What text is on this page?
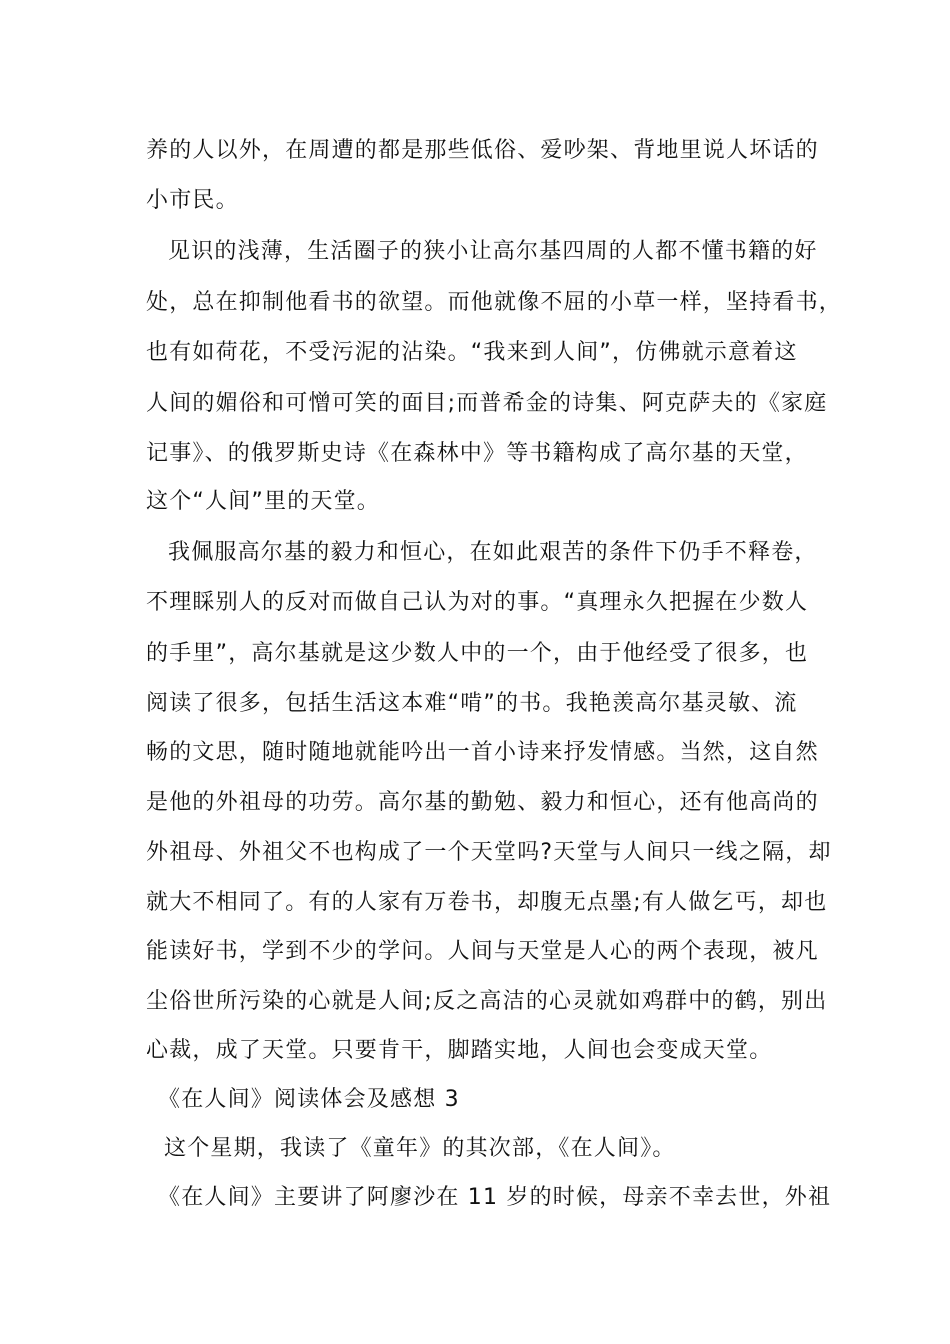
养的人以外，在周遭的都是那些低俗、爱吵架、背地里说人坏话的
小市民。
见识的浅薄，生活圈子的狭小让高尔基四周的人都不懂书籍的好
处，总在抑制他看书的欲望。而他就像不屈的小草一样，坚持看书，
也有如荷花，不受污泥的沾染。“我来到人间”，仿佛就示意着这
人间的媚俗和可憎可笑的面目;而普希金的诗集、阿克萨夫的《家庭
记事》、的俄罗斯史诗《在森林中》等书籍构成了高尔基的天堂，
这个“人间”里的天堂。
我佩服高尔基的毅力和恒心，在如此艰苦的条件下仍手不释卷，
不理睬别人的反对而做自己认为对的事。“真理永久把握在少数人
的手里”，高尔基就是这少数人中的一个，由于他经受了很多，也
阅读了很多，包括生活这本难“啃”的书。我艳羡高尔基灵敏、流
畅的文思，随时随地就能吟出一首小诗来抒发情感。当然，这自然
是他的外祖母的功劳。高尔基的勤勉、毅力和恒心，还有他高尚的
外祖母、外祖父不也构成了一个天堂吗?天堂与人间只一线之隔，却
就大不相同了。有的人家有万卷书，却腹无点墨;有人做乞丐，却也
能读好书，学到不少的学问。人间与天堂是人心的两个表现，被凡
尘俗世所污染的心就是人间;反之高洁的心灵就如鸡群中的鹤，别出
心裁，成了天堂。只要肯干，脚踏实地，人间也会变成天堂。
《在人间》阅读体会及感想 3
这个星期，我读了《童年》的其次部，《在人间》。
《在人间》主要讲了阿廖沙在 11 岁的时候，母亲不幸去世，外祖
